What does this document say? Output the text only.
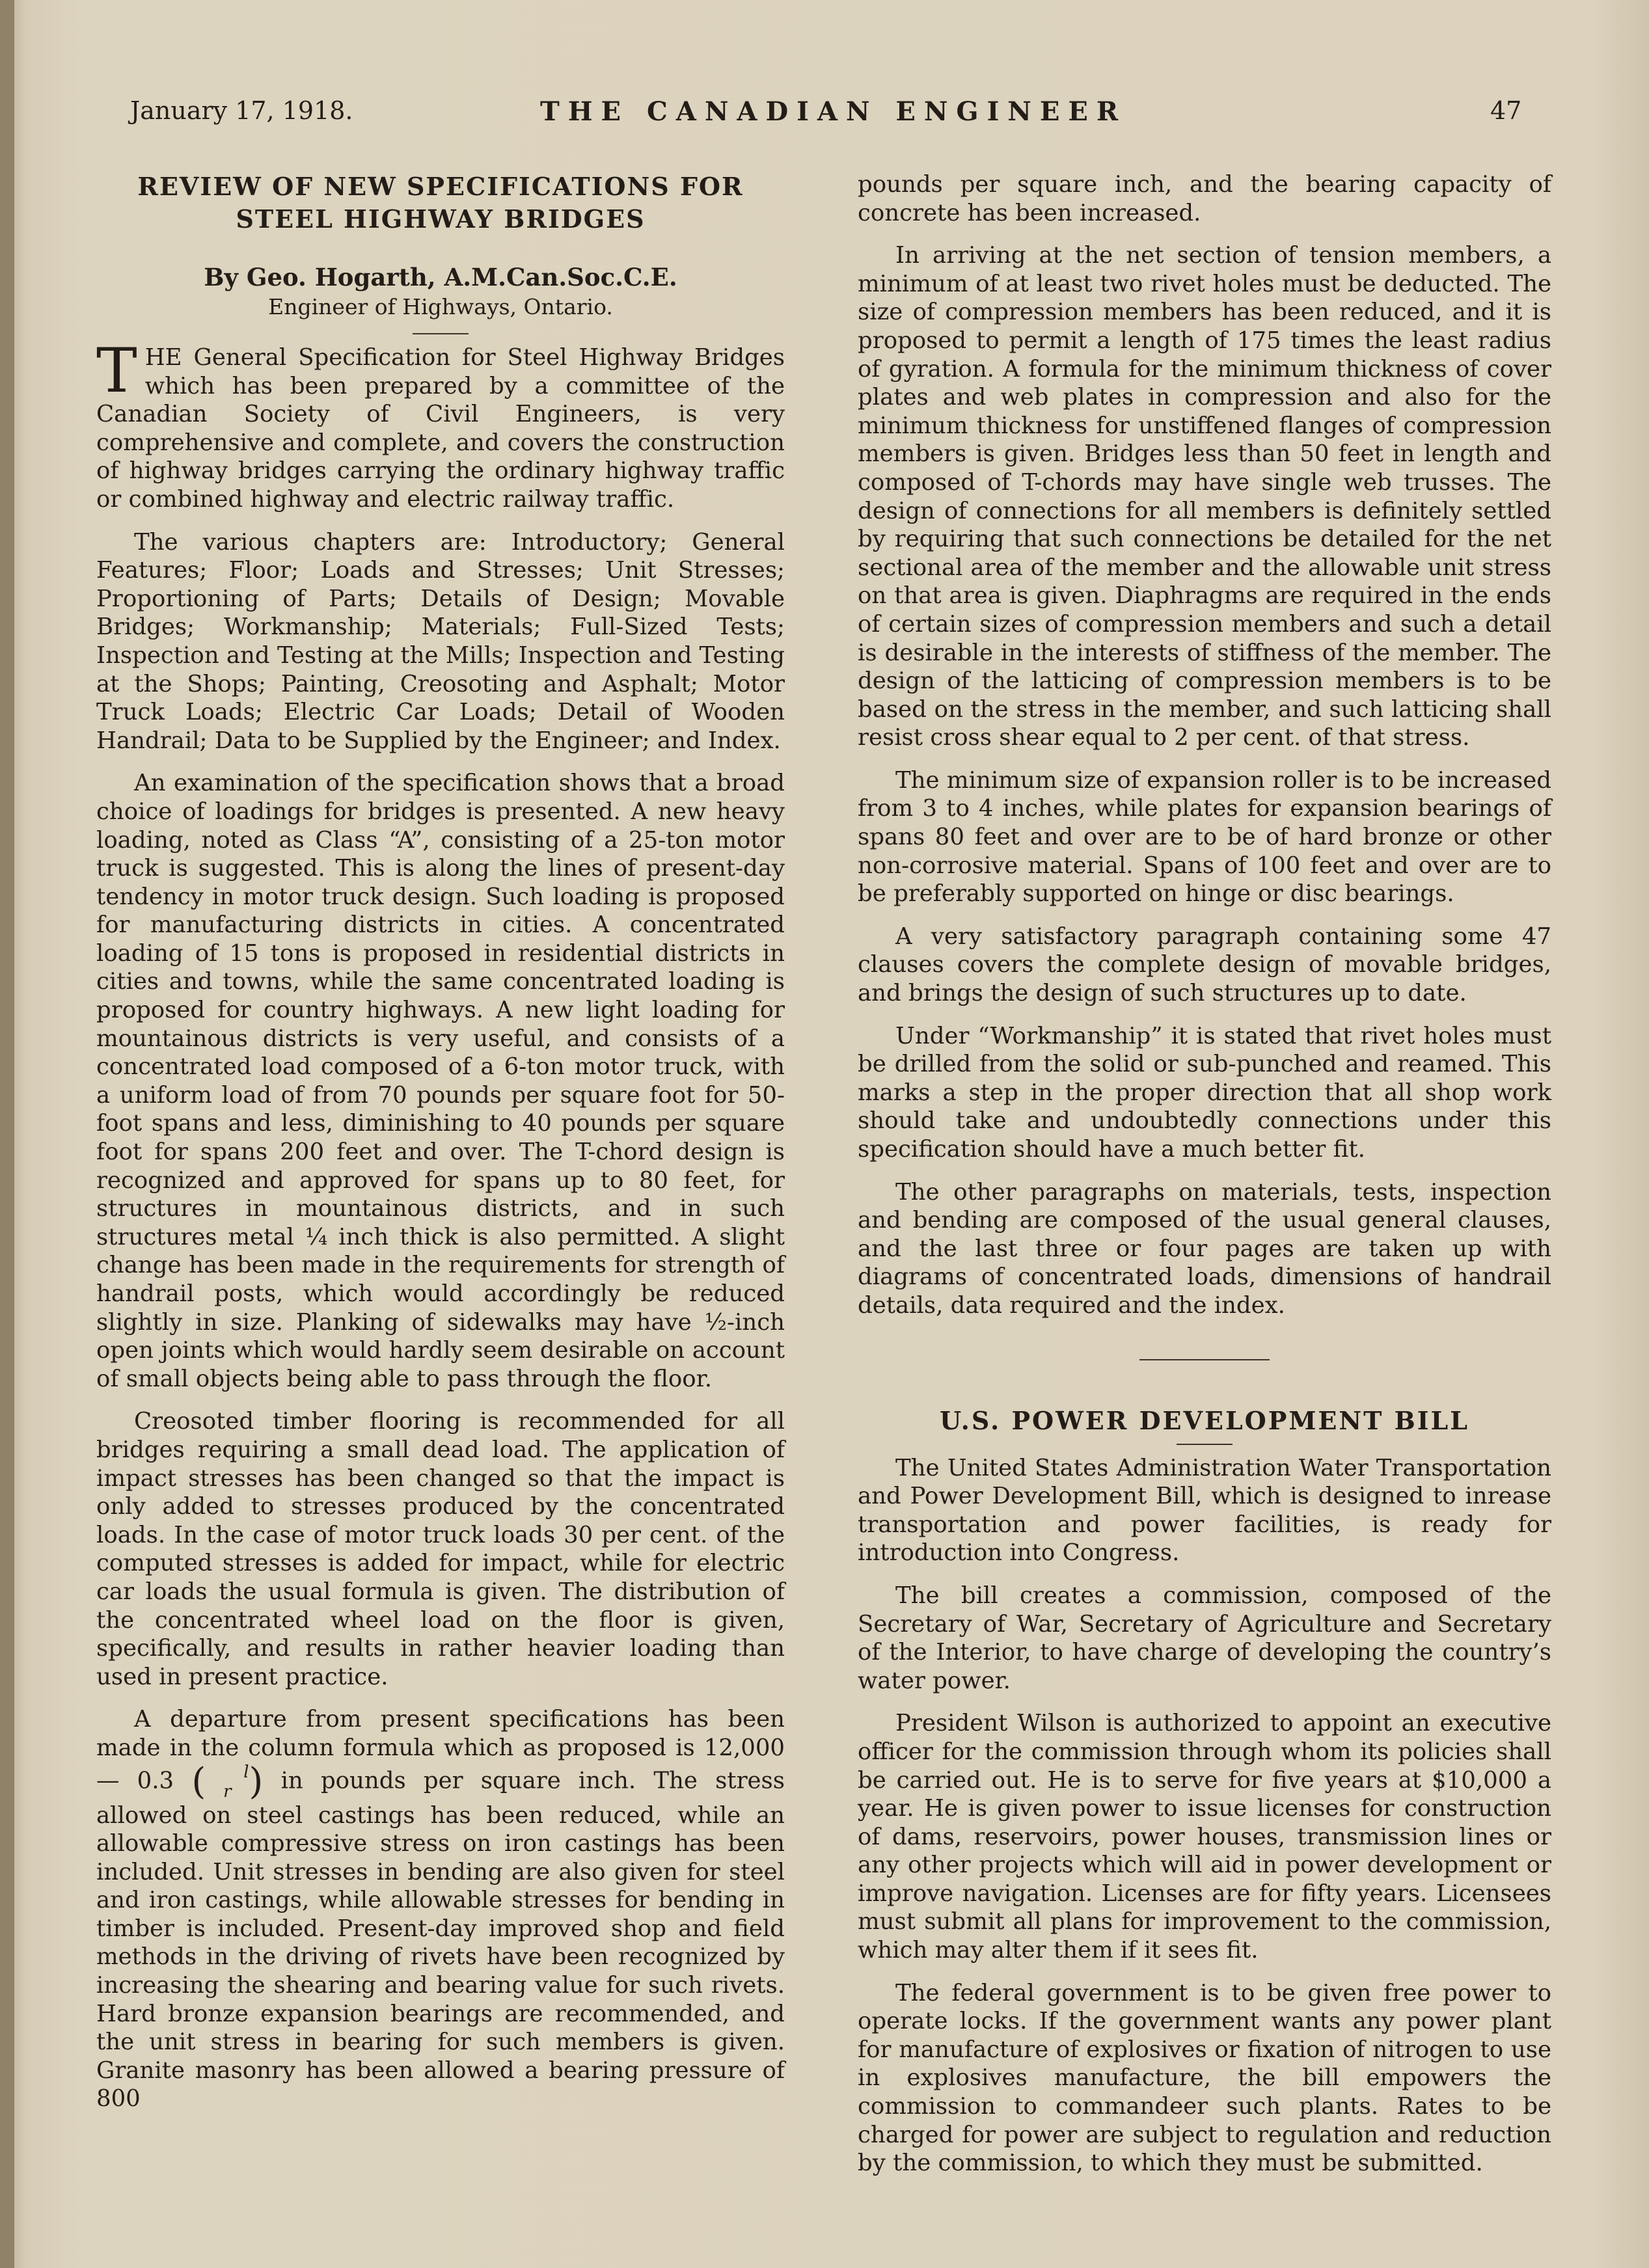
January 17, 1918.	THE CANADIAN ENGINEER	47
REVIEW OF NEW SPECIFICATIONS FOR STEEL HIGHWAY BRIDGES
By Geo. Hogarth, A.M.Can.Soc.C.E.
Engineer of Highways, Ontario.

THE General Specification for Steel Highway Bridges which has been prepared by a committee of the Canadian Society of Civil Engineers, is very comprehensive and complete, and covers the construction of highway bridges carrying the ordinary highway traffic or combined highway and electric railway traffic.

The various chapters are: Introductory; General Features; Floor; Loads and Stresses; Unit Stresses; Proportioning of Parts; Details of Design; Movable Bridges; Workmanship; Materials; Full-Sized Tests; Inspection and Testing at the Mills; Inspection and Testing at the Shops; Painting, Creosoting and Asphalt; Motor Truck Loads; Electric Car Loads; Detail of Wooden Handrail; Data to be Supplied by the Engineer; and Index.

An examination of the specification shows that a broad choice of loadings for bridges is presented. A new heavy loading, noted as Class “A”, consisting of a 25-ton motor truck is suggested. This is along the lines of present-day tendency in motor truck design. Such loading is proposed for manufacturing districts in cities. A concentrated loading of 15 tons is proposed in residential districts in cities and towns, while the same concentrated loading is proposed for country highways. A new light loading for mountainous districts is very useful, and consists of a concentrated load composed of a 6-ton motor truck, with a uniform load of from 70 pounds per square foot for 50-foot spans and less, diminishing to 40 pounds per square foot for spans 200 feet and over. The T-chord design is recognized and approved for spans up to 80 feet, for structures in mountainous districts, and in such structures metal ¼ inch thick is also permitted. A slight change has been made in the requirements for strength of handrail posts, which would accordingly be reduced slightly in size. Planking of sidewalks may have ½-inch open joints which would hardly seem desirable on account of small objects being able to pass through the floor.

Creosoted timber flooring is recommended for all bridges requiring a small dead load. The application of impact stresses has been changed so that the impact is only added to stresses produced by the concentrated loads. In the case of motor truck loads 30 per cent. of the computed stresses is added for impact, while for electric car loads the usual formula is given. The distribution of the concentrated wheel load on the floor is given, specifically, and results in rather heavier loading than used in present practice.

A departure from present specifications has been made in the column formula which as proposed is 12,000 — 0.3 ( l
r ) in pounds per square inch. The stress allowed on steel castings has been reduced, while an allowable compressive stress on iron castings has been included. Unit stresses in bending are also given for steel and iron castings, while allowable stresses for bending in timber is included. Present-day improved shop and field methods in the driving of rivets have been recognized by increasing the shearing and bearing value for such rivets. Hard bronze expansion bearings are recommended, and the unit stress in bearing for such members is given. Granite masonry has been allowed a bearing pressure of 800

pounds per square inch, and the bearing capacity of concrete has been increased.

In arriving at the net section of tension members, a minimum of at least two rivet holes must be deducted. The size of compression members has been reduced, and it is proposed to permit a length of 175 times the least radius of gyration. A formula for the minimum thickness of cover plates and web plates in compression and also for the minimum thickness for unstiffened flanges of compression members is given. Bridges less than 50 feet in length and composed of T-chords may have single web trusses. The design of connections for all members is definitely settled by requiring that such connections be detailed for the net sectional area of the member and the allowable unit stress on that area is given. Diaphragms are required in the ends of certain sizes of compression members and such a detail is desirable in the interests of stiffness of the member. The design of the latticing of compression members is to be based on the stress in the member, and such latticing shall resist cross shear equal to 2 per cent. of that stress.

The minimum size of expansion roller is to be increased from 3 to 4 inches, while plates for expansion bearings of spans 80 feet and over are to be of hard bronze or other non-corrosive material. Spans of 100 feet and over are to be preferably supported on hinge or disc bearings.

A very satisfactory paragraph containing some 47 clauses covers the complete design of movable bridges, and brings the design of such structures up to date.

Under “Workmanship” it is stated that rivet holes must be drilled from the solid or sub-punched and reamed. This marks a step in the proper direction that all shop work should take and undoubtedly connections under this specification should have a much better fit.

The other paragraphs on materials, tests, inspection and bending are composed of the usual general clauses, and the last three or four pages are taken up with diagrams of concentrated loads, dimensions of handrail details, data required and the index.

U.S. POWER DEVELOPMENT BILL

The United States Administration Water Transportation and Power Development Bill, which is designed to inrease transportation and power facilities, is ready for introduction into Congress.

The bill creates a commission, composed of the Secretary of War, Secretary of Agriculture and Secretary of the Interior, to have charge of developing the country’s water power.

President Wilson is authorized to appoint an executive officer for the commission through whom its policies shall be carried out. He is to serve for five years at $10,000 a year. He is given power to issue licenses for construction of dams, reservoirs, power houses, transmission lines or any other projects which will aid in power development or improve navigation. Licenses are for fifty years. Licensees must submit all plans for improvement to the commission, which may alter them if it sees fit.

The federal government is to be given free power to operate locks. If the government wants any power plant for manufacture of explosives or fixation of nitrogen to use in explosives manufacture, the bill empowers the commission to commandeer such plants. Rates to be charged for power are subject to regulation and reduction by the commission, to which they must be submitted.
